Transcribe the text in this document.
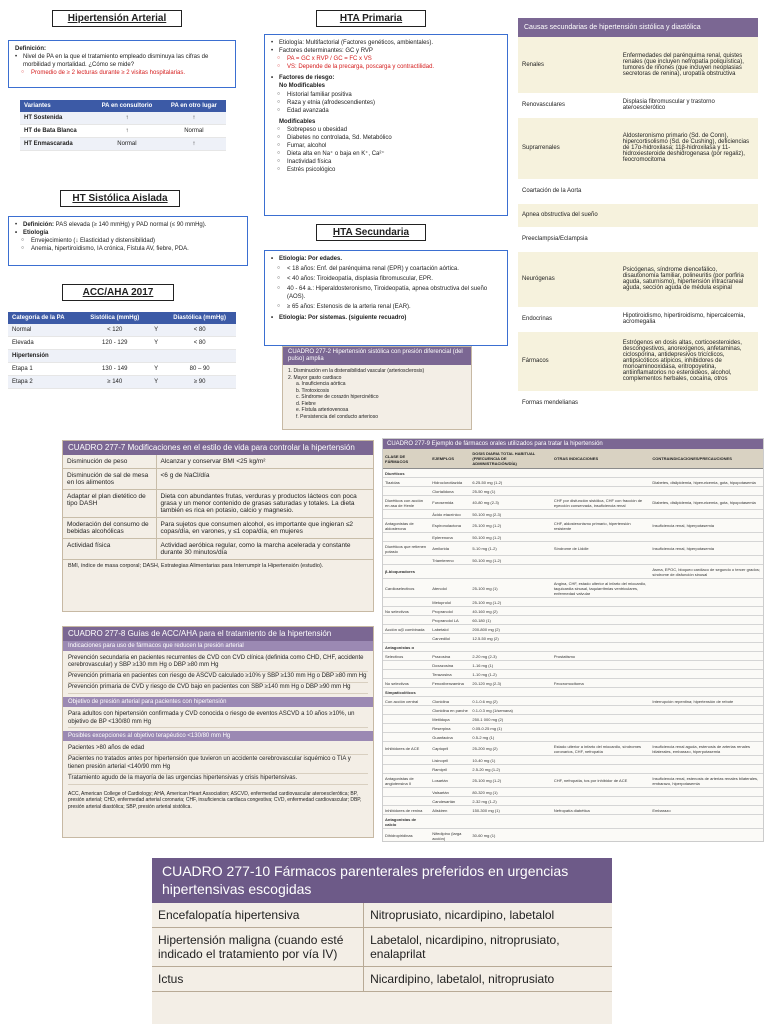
Hipertensión Arterial
Definición:
• Nivel de PA en la que el tratamiento empleado disminuya las cifras de morbilidad y mortalidad. ¿Cómo se mide?
○ Promedio de ≥ 2 lecturas durante ≥ 2 visitas hospitalarias.
Variantes	PA en consultorio	PA en otro lugar
HT Sostenida	↑	↑
HT de Bata Blanca	↑	Normal
HT Enmascarada	Normal	↑
HT Sistólica Aislada
• Definición: PAS elevada (≥ 140 mmHg) y PAD normal (≤ 90 mmHg).
• Etiología
○ Envejecimiento (↓ Elasticidad y distensibilidad)
○ Anemia, hipertiroidismo, IA crónica, Fístula AV, fiebre, PDA.
ACC/AHA 2017
Categoría de la PA	Sistólica (mmHg)		Diastólica (mmHg)
Normal	< 120	Y	< 80
Elevada	120 - 129	Y	< 80
Hipertensión			
Etapa 1	130 - 149	Y	80 – 90
Etapa 2	≥ 140	Y	≥ 90
HTA Primaria
• Etiología: Multifactorial (Factores genéticos, ambientales).
• Factores determinantes: GC y RVP
○ PA = GC x RVP / GC = FC x VS
○ VS: Depende de la precarga, poscarga y contractilidad.
• Factores de riesgo:
No Modificables
○ Historial familiar positiva
○ Raza y etnia (afrodescendientes)
○ Edad avanzada
Modificables
○ Sobrepeso u obesidad
○ Diabetes no controlada, Sd. Metabólico
○ Fumar, alcohol
○ Dieta alta en Na⁺ o baja en K⁺, Ca²⁺
○ Inactividad física
○ Estrés psicológico
HTA Secundaria
• Etiología: Por edades.
○ < 18 años: Enf. del parénquima renal (EPR) y coartación aórtica.
○ < 40 años: Tiroideopatía, displasia fibromuscular, EPR.
○ 40 - 64 a.: Hiperaldosteronismo, Tiroideopatía, apnea obstructiva del sueño (AOS).
○ ≥ 65 años: Estenosis de la arteria renal (EAR).
• Etiología: Por sistemas. (siguiente recuadro)
CUADRO 277-2 Hipertensión sistólica con presión diferencial (del pulso) amplia
1. Disminución en la distensibilidad vascular (arteriosclerosis)
2. Mayor gasto cardiaco
a. Insuficiencia aórtica
b. Tirotoxicosis
c. Síndrome de corazón hipercinético
d. Fiebre
e. Fístula arteriovenosa
f. Persistencia del conducto arterioso
Causas secundarias de hipertensión sistólica y diastólica
Renales	Enfermedades del parénquima renal, quistes renales (que incluyen nefropatía poliquística), tumores de riñones (que incluyen neoplasias secretoras de renina), uropatía obstructiva
Renovasculares	Displasia fibromuscular y trastorno ateroesclerótico
Suprarrenales	Aldosteronismo primario (Sd. de Conn), hipercortisolismo (Sd. de Cushing), deficiencias de 17α-hidroxilasa; 11β-hidroxilasa y 11-hidroxiesteroide deshidrogenasa (por regaliz), feocromocitoma
Coartación de la Aorta	
Apnea obstructiva del sueño	
Preeclampsia/Eclampsia	
Neurógenas	Psicógenas, síndrome diencefálico, disautonomía familiar, polineuritis (por porfiria aguda, saturnismo), hipertensión intracraneal aguda, sección aguda de médula espinal
Endocrinas	Hipotiroidismo, hipertiroidismo, hipercalcemia, acromegalia
Fármacos	Estrógenos en dosis altas, corticoesteroides, descongestivos, anorexígenos, anfetaminas, ciclosporina, antidepresivos tricíclicos, antipsicóticos atípicos, inhibidores de monoaminooxidasa, eritropoyetina, antiinflamatorios no esteroideos, alcohol, complementos herbales, cocaína, otros
Formas mendelianas	
CUADRO 277-7 Modificaciones en el estilo de vida para controlar la hipertensión
Disminución de peso	Alcanzar y conservar BMI <25 kg/m²
Disminución de sal de mesa en los alimentos	<6 g de NaCl/día
Adaptar el plan dietético de tipo DASH	Dieta con abundantes frutas, verduras y productos lácteos con poca grasa y un menor contenido de grasas saturadas y totales. La dieta también es rica en potasio, calcio y magnesio.
Moderación del consumo de bebidas alcohólicas	Para sujetos que consumen alcohol, es importante que ingieran ≤2 copas/día, en varones, y ≤1 copa/día, en mujeres
Actividad física	Actividad aeróbica regular, como la marcha acelerada y constante durante 30 minutos/día
BMI, índice de masa corporal; DASH, Estrategias Alimentarias para Interrumpir la Hipertensión (estudio).
CUADRO 277-8 Guías de ACC/AHA para el tratamiento de la hipertensión
Indicaciones para uso de fármacos que reducen la presión arterial
Prevención secundaria en pacientes recurrentes de CVD con CVD clínica (definida como CHD, CHF, accidente cerebrovascular) y SBP ≥130 mm Hg o DBP ≥80 mm Hg
Prevención primaria en pacientes con riesgo de ASCVD calculado ≥10% y SBP ≥130 mm Hg o DBP ≥80 mm Hg
Prevención primaria de CVD y riesgo de CVD bajo en pacientes con SBP ≥140 mm Hg o DBP ≥90 mm Hg
Objetivo de presión arterial para pacientes con hipertensión
Para adultos con hipertensión confirmada y CVD conocida o riesgo de eventos ASCVD a 10 años ≥10%, un objetivo de BP <130/80 mm Hg
Posibles excepciones al objetivo terapéutico <130/80 mm Hg
Pacientes >80 años de edad
Pacientes no tratados antes por hipertensión que tuvieron un accidente cerebrovascular isquémico o TIA y tienen presión arterial <140/90 mm Hg
Tratamiento agudo de la mayoría de las urgencias hipertensivas y crisis hipertensivas.
ACC, American College of Cardiology; AHA, American Heart Association; ASCVD, enfermedad cardiovascular ateroesclerótica; BP, presión arterial; CHD, enfermedad arterial coronaria; CHF, insuficiencia cardiaca congestiva; CVD, enfermedad cardiovascular; DBP, presión arterial diastólica; SBP, presión arterial sistólica.
CUADRO 277-9 Ejemplo de fármacos orales utilizados para tratar la hipertensión
CLASE DE FÁRMACOS	EJEMPLOS	DOSIS DIARIA TOTAL HABITUAL (FRECUENCIA DE ADMINISTRACIÓN/DÍA)	OTRAS INDICACIONES	CONTRAINDICACIONES/PRECAUCIONES
Diuréticos				
Tiazidas	Hidroclorotiazida	6.25-50 mg (1-2)		Diabetes, dislipidemia, hiperuricemia, gota, hipopotasemia
	Clortalidona	25-50 mg (1)		
Diuréticos con acción en asa de Henle	Furosemida	40-80 mg (2-3)	CHF por disfunción sistólica, CHF con fracción de eyección conservada, insuficiencia renal	Diabetes, dislipidemia, hiperuricemia, gota, hipopotasemia
	Ácido etacrínico	50-100 mg (2-3)		
Antagonistas de aldosterona	Espironolactona	25-100 mg (1-2)	CHF, aldosteronismo primario, hipertensión resistente	Insuficiencia renal, hiperpotasemia
	Eplerenona	50-100 mg (1-2)		
Diuréticos que retienen potasio	Amilorida	5-10 mg (1-2)	Síndrome de Liddle	Insuficiencia renal, hiperpotasemia
	Triamtereno	50-100 mg (1-2)		
β-bloqueadores				Asma, EPOC, bloqueo cardiaco de segundo o tercer grados; síndrome de disfunción sinusal
Cardioselectivos	Atenolol	25-100 mg (1)	Angina, CHF, estado ulterior al infarto del miocardio, taquicardia sinusal, taquiarritmias ventriculares, enfermedad valvular	
	Metoprolol	25-100 mg (1-2)		
No selectivos	Propranolol	40-160 mg (2)		
	Propranolol LA	60-180 (1)		
Acción α/β combinada	Labetalol	200-800 mg (2)		
	Carvedilol	12.5-50 mg (2)		
Antagonistas α				
Selectivos	Prazosina	2-20 mg (2-3)	Prostatismo	
	Doxazosina	1-16 mg (1)		
	Terazosina	1-10 mg (1-2)		
No selectivos	Fenoxibenzamina	20-120 mg (2-3)	Feocromocitoma	
Simpaticolíticos				
Con acción central	Clonidina	0.1-0.6 mg (2)		Interrupción repentina; hipertensión de rebote
	Clonidina en parche	0.1-0.3 mg (1/semana)		
	Metildopa	250-1 000 mg (2)		
	Reserpina	0.05-0.25 mg (1)		
	Guanfacina	0.5-2 mg (1)		
Inhibidores de ACE	Captopril	25-200 mg (2)	Estado ulterior a infarto del miocardio, síndromes coronarios, CHF, nefropatía	Insuficiencia renal aguda, estenosis de arterias renales bilaterales, embarazo, hiperpotasemia
	Lisinopril	10-40 mg (1)		
	Ramipril	2.5-20 mg (1-2)		
Antagonistas de angiotensina II	Losartán	25-100 mg (1-2)	CHF, nefropatía, tos por inhibidor de ACE	Insuficiencia renal, estenosis de arterias renales bilaterales, embarazo, hiperpotasemia
	Valsartán	80-320 mg (1)		
	Candesartán	2-32 mg (1-2)		
Inhibidores de renina	Aliskiren	150-300 mg (1)	Nefropatía diabética	Embarazo
Antagonistas de calcio				
Dihidropiridinas	Nifedipino (larga acción)	30-60 mg (1)		

CUADRO 277-10 Fármacos parenterales preferidos en urgencias hipertensivas escogidas
Encefalopatía hipertensiva	Nitroprusiato, nicardipino, labetalol
Hipertensión maligna (cuando esté indicado el tratamiento por vía IV)	Labetalol, nicardipino, nitroprusiato, enalaprilat
Ictus	Nicardipino, labetalol, nitroprusiato
